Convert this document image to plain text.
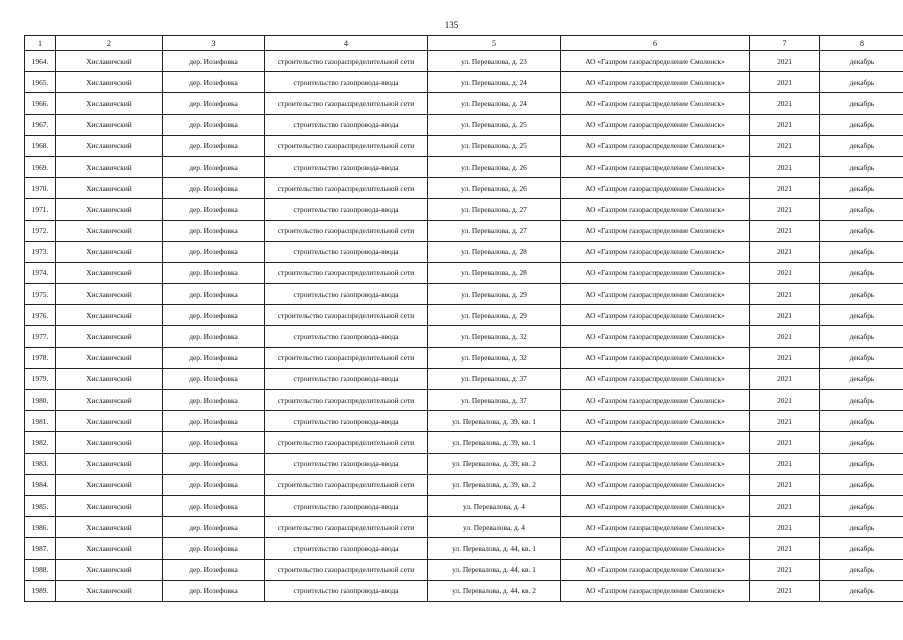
135
1	2	3	4	5	6	7	8
1964.	Хиславичский	дер. Иозефовка	строительство газораспределительной сети	ул. Перевалова, д. 23	АО «Газпром газораспределение Смоленск»	2021	декабрь
1965.	Хиславичский	дер. Иозефовка	строительство газопровода-ввода	ул. Перевалова, д. 24	АО «Газпром газораспределение Смоленск»	2021	декабрь
1966.	Хиславичский	дер. Иозефовка	строительство газораспределительной сети	ул. Перевалова, д. 24	АО «Газпром газораспределение Смоленск»	2021	декабрь
1967.	Хиславичский	дер. Иозефовка	строительство газопровода-ввода	ул. Перевалова, д. 25	АО «Газпром газораспределение Смоленск»	2021	декабрь
1968.	Хиславичский	дер. Иозефовка	строительство газораспределительной сети	ул. Перевалова, д. 25	АО «Газпром газораспределение Смоленск»	2021	декабрь
1969.	Хиславичский	дер. Иозефовка	строительство газопровода-ввода	ул. Перевалова, д. 26	АО «Газпром газораспределение Смоленск»	2021	декабрь
1970.	Хиславичский	дер. Иозефовка	строительство газораспределительной сети	ул. Перевалова, д. 26	АО «Газпром газораспределение Смоленск»	2021	декабрь
1971.	Хиславичский	дер. Иозефовка	строительство газопровода-ввода	ул. Перевалова, д. 27	АО «Газпром газораспределение Смоленск»	2021	декабрь
1972.	Хиславичский	дер. Иозефовка	строительство газораспределительной сети	ул. Перевалова, д. 27	АО «Газпром газораспределение Смоленск»	2021	декабрь
1973.	Хиславичский	дер. Иозефовка	строительство газопровода-ввода	ул. Перевалова, д. 28	АО «Газпром газораспределение Смоленск»	2021	декабрь
1974.	Хиславичский	дер. Иозефовка	строительство газораспределительной сети	ул. Перевалова, д. 28	АО «Газпром газораспределение Смоленск»	2021	декабрь
1975.	Хиславичский	дер. Иозефовка	строительство газопровода-ввода	ул. Перевалова, д. 29	АО «Газпром газораспределение Смоленск»	2021	декабрь
1976.	Хиславичский	дер. Иозефовка	строительство газораспределительной сети	ул. Перевалова, д. 29	АО «Газпром газораспределение Смоленск»	2021	декабрь
1977.	Хиславичский	дер. Иозефовка	строительство газопровода-ввода	ул. Перевалова, д. 32	АО «Газпром газораспределение Смоленск»	2021	декабрь
1978.	Хиславичский	дер. Иозефовка	строительство газораспределительной сети	ул. Перевалова, д. 32	АО «Газпром газораспределение Смоленск»	2021	декабрь
1979.	Хиславичский	дер. Иозефовка	строительство газопровода-ввода	ул. Перевалова, д. 37	АО «Газпром газораспределение Смоленск»	2021	декабрь
1980.	Хиславичский	дер. Иозефовка	строительство газораспределительной сети	ул. Перевалова, д. 37	АО «Газпром газораспределение Смоленск»	2021	декабрь
1981.	Хиславичский	дер. Иозефовка	строительство газопровода-ввода	ул. Перевалова, д. 39, кв. 1	АО «Газпром газораспределение Смоленск»	2021	декабрь
1982.	Хиславичский	дер. Иозефовка	строительство газораспределительной сети	ул. Перевалова, д. 39, кв. 1	АО «Газпром газораспределение Смоленск»	2021	декабрь
1983.	Хиславичский	дер. Иозефовка	строительство газопровода-ввода	ул. Перевалова, д. 39, кв. 2	АО «Газпром газораспределение Смоленск»	2021	декабрь
1984.	Хиславичский	дер. Иозефовка	строительство газораспределительной сети	ул. Перевалова, д. 39, кв. 2	АО «Газпром газораспределение Смоленск»	2021	декабрь
1985.	Хиславичский	дер. Иозефовка	строительство газопровода-ввода	ул. Перевалова, д. 4	АО «Газпром газораспределение Смоленск»	2021	декабрь
1986.	Хиславичский	дер. Иозефовка	строительство газораспределительной сети	ул. Перевалова, д. 4	АО «Газпром газораспределение Смоленск»	2021	декабрь
1987.	Хиславичский	дер. Иозефовка	строительство газопровода-ввода	ул. Перевалова, д. 44, кв. 1	АО «Газпром газораспределение Смоленск»	2021	декабрь
1988.	Хиславичский	дер. Иозефовка	строительство газораспределительной сети	ул. Перевалова, д. 44, кв. 1	АО «Газпром газораспределение Смоленск»	2021	декабрь
1989.	Хиславичский	дер. Иозефовка	строительство газопровода-ввода	ул. Перевалова, д. 44, кв. 2	АО «Газпром газораспределение Смоленск»	2021	декабрь
